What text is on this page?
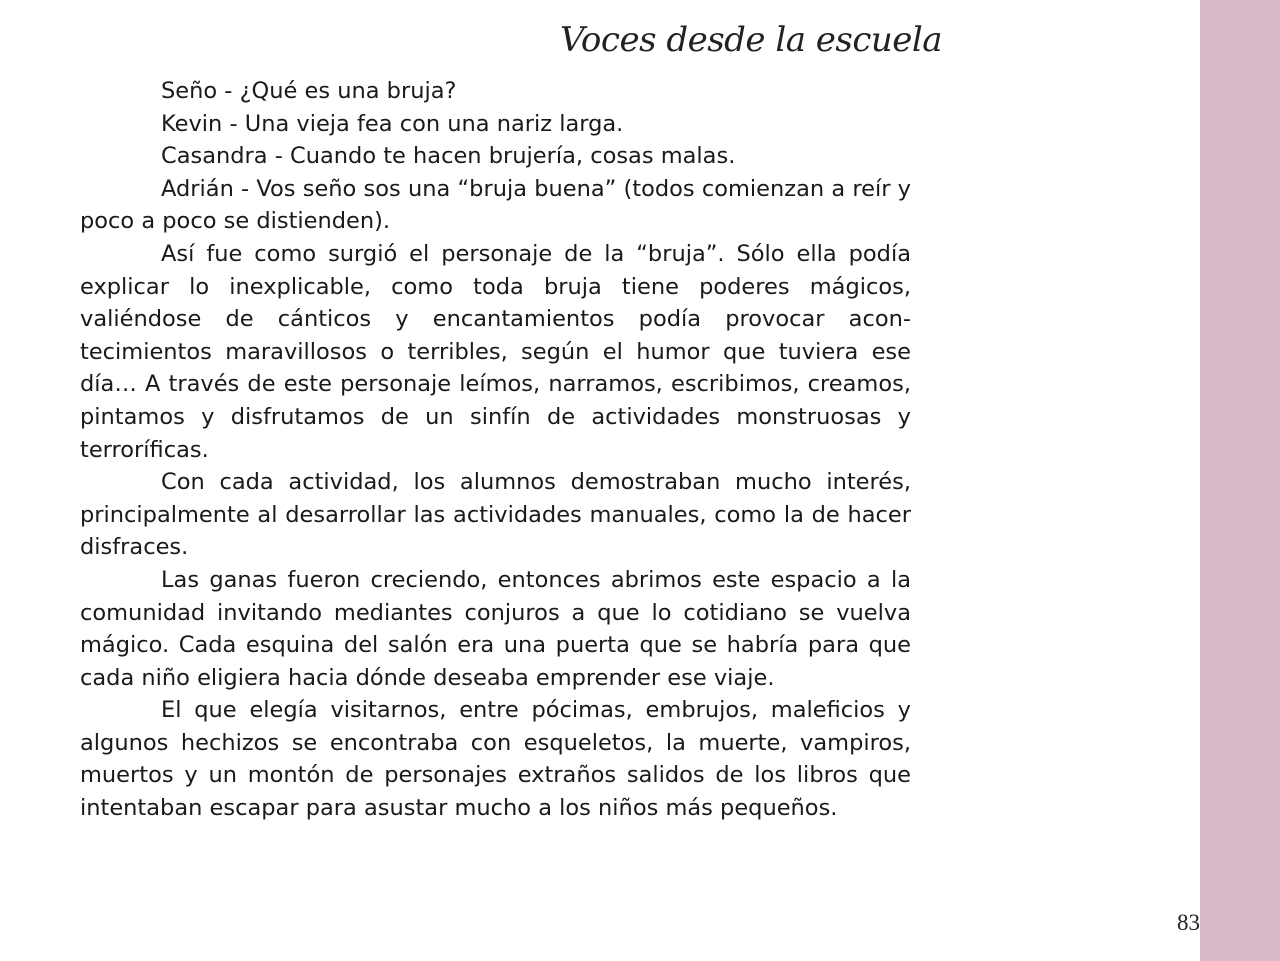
Voces desde la escuela

Seño - ¿Qué es una bruja?

Kevin - Una vieja fea con una nariz larga.

Casandra - Cuando te hacen brujería, cosas malas.

Adrián - Vos seño sos una “bruja buena” (todos comienzan a reír y poco a poco se distienden).

Así fue como surgió el personaje de la “bruja”. Sólo ella podía explicar lo inexplicable, como toda bruja tiene poderes mágicos, valiéndose de cánticos y encantamientos podía provocar acontecimientos maravillosos o terribles, según el humor que tuviera ese día… A través de este personaje leímos, narramos, escribimos, creamos, pintamos y disfrutamos de un sinfín de actividades monstruosas y terroríficas.

Con cada actividad, los alumnos demostraban mucho interés, principalmente al desarrollar las actividades manuales, como la de hacer disfraces.

Las ganas fueron creciendo, entonces abrimos este espacio a la comunidad invitando mediantes conjuros a que lo cotidiano se vuelva mágico. Cada esquina del salón era una puerta que se habría para que cada niño eligiera hacia dónde deseaba emprender ese viaje.

El que elegía visitarnos, entre pócimas, embrujos, maleficios y algunos hechizos se encontraba con esqueletos, la muerte, vampiros, muertos y un montón de personajes extraños salidos de los libros que intentaban escapar para asustar mucho a los niños más pequeños.

83
